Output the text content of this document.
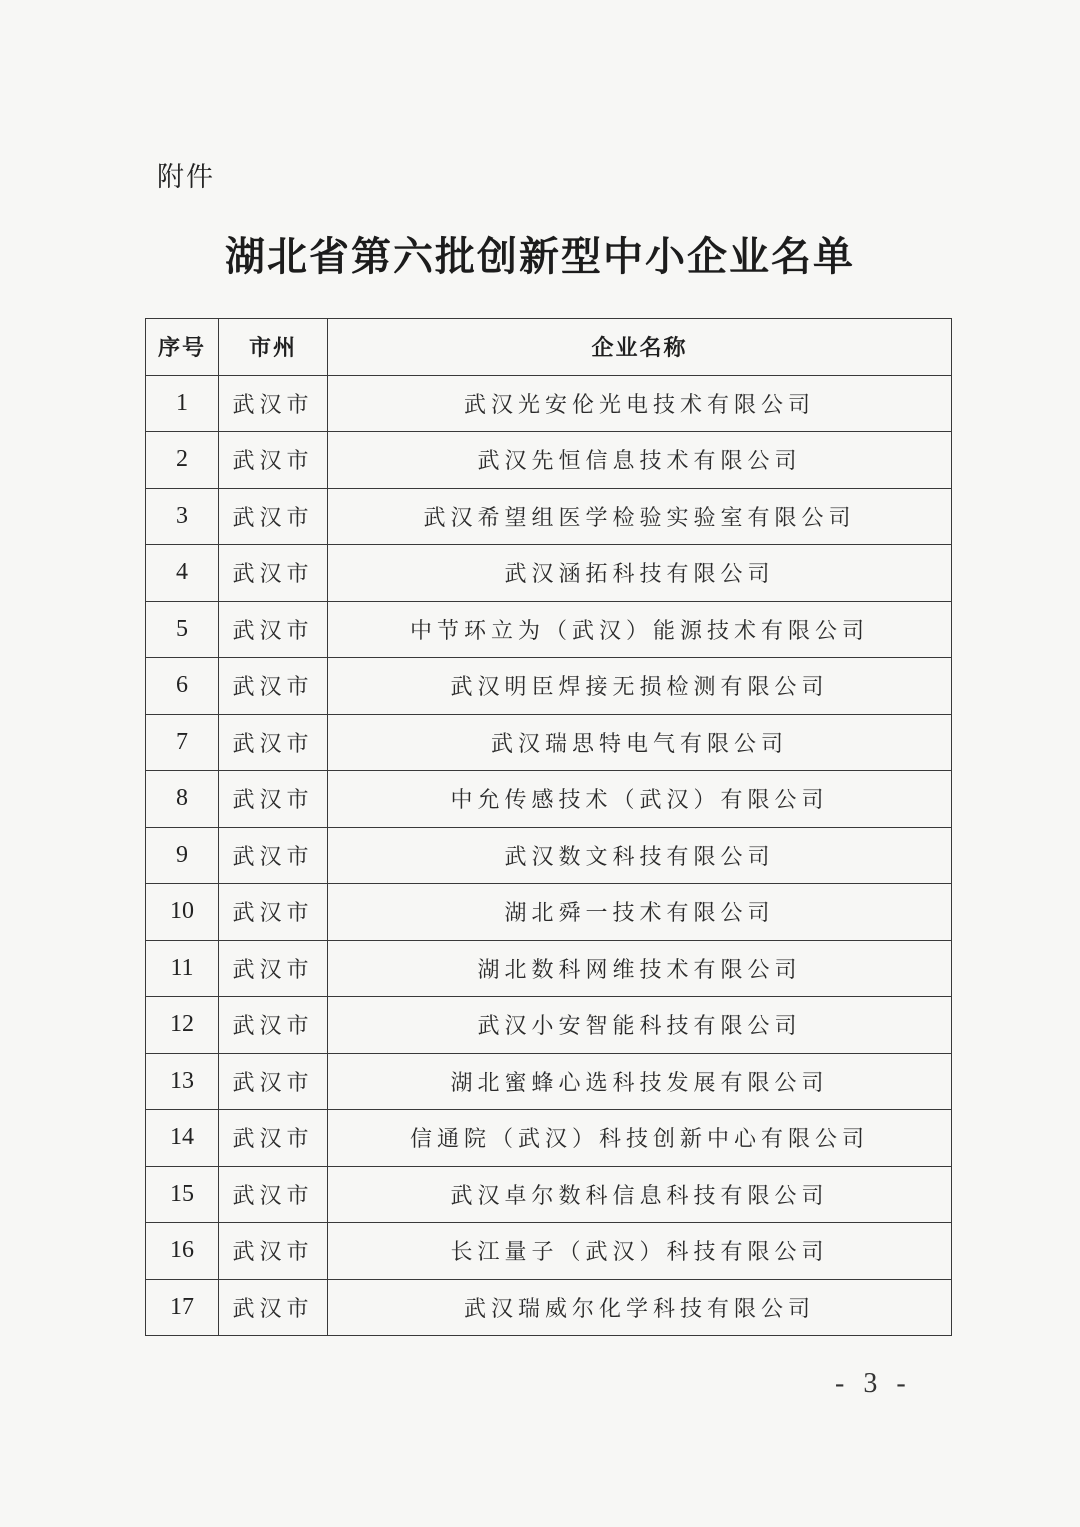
附件
湖北省第六批创新型中小企业名单
序号	市州	企业名称
1	武汉市	武汉光安伦光电技术有限公司
2	武汉市	武汉先恒信息技术有限公司
3	武汉市	武汉希望组医学检验实验室有限公司
4	武汉市	武汉涵拓科技有限公司
5	武汉市	中节环立为（武汉）能源技术有限公司
6	武汉市	武汉明臣焊接无损检测有限公司
7	武汉市	武汉瑞思特电气有限公司
8	武汉市	中允传感技术（武汉）有限公司
9	武汉市	武汉数文科技有限公司
10	武汉市	湖北舜一技术有限公司
11	武汉市	湖北数科网维技术有限公司
12	武汉市	武汉小安智能科技有限公司
13	武汉市	湖北蜜蜂心选科技发展有限公司
14	武汉市	信通院（武汉）科技创新中心有限公司
15	武汉市	武汉卓尔数科信息科技有限公司
16	武汉市	长江量子（武汉）科技有限公司
17	武汉市	武汉瑞威尔化学科技有限公司
- 3 -
